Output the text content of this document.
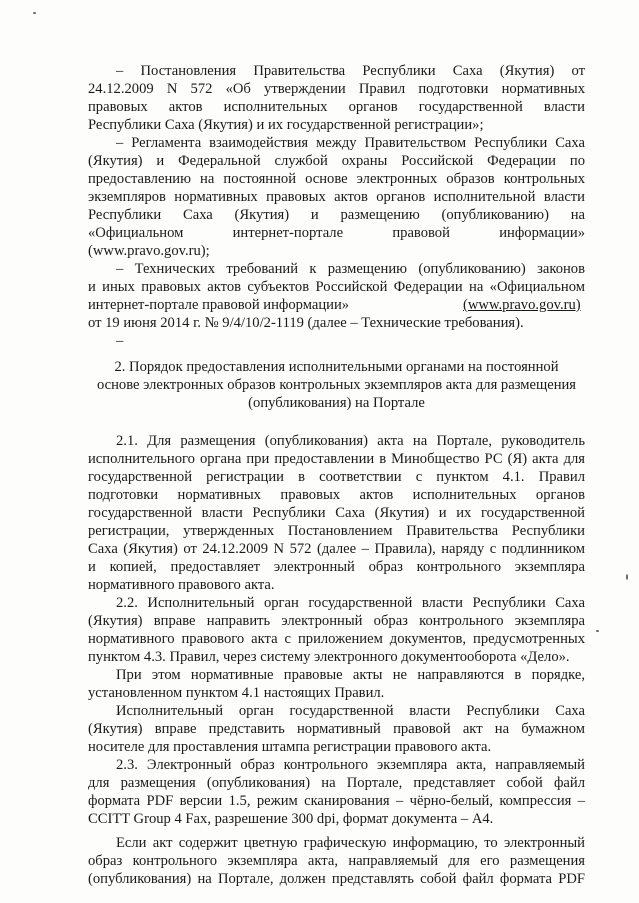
– Постановления Правительства Республики Саха (Якутия) от
24.12.2009 N 572 «Об утверждении Правил подготовки нормативных
правовых актов исполнительных органов государственной власти
Республики Саха (Якутия) и их государственной регистрации»;
– Регламента взаимодействия между Правительством Республики Саха
(Якутия) и Федеральной службой охраны Российской Федерации по
предоставлению на постоянной основе электронных образов контрольных
экземпляров нормативных правовых актов органов исполнительной власти
Республики Саха (Якутия) и размещению (опубликованию) на
«Официальном интернет-портале правовой информации»
(www.pravo.gov.ru);
– Технических требований к размещению (опубликованию) законов
и иных правовых актов субъектов Российской Федерации на «Официальном
интернет-портале правовой информации»	(www.pravo.gov.ru)
от 19 июня 2014 г. № 9/4/10/2-1119 (далее – Технические требования).
–
2. Порядок предоставления исполнительными органами на постоянной
основе электронных образов контрольных экземпляров акта для размещения
(опубликования) на Портале
2.1. Для размещения (опубликования) акта на Портале, руководитель
исполнительного органа при предоставлении в Минобщество РС (Я) акта для
государственной регистрации в соответствии с пунктом 4.1. Правил
подготовки нормативных правовых актов исполнительных органов
государственной власти Республики Саха (Якутия) и их государственной
регистрации, утвержденных Постановлением Правительства Республики
Саха (Якутия) от 24.12.2009 N 572 (далее – Правила), наряду с подлинником
и копией, предоставляет электронный образ контрольного экземпляра
нормативного правового акта.
2.2. Исполнительный орган государственной власти Республики Саха
(Якутия) вправе направить электронный образ контрольного экземпляра
нормативного правового акта с приложением документов, предусмотренных
пунктом 4.3. Правил, через систему электронного документооборота «Дело».
При этом нормативные правовые акты не направляются в порядке,
установленном пунктом 4.1 настоящих Правил.
Исполнительный орган государственной власти Республики Саха
(Якутия) вправе представить нормативный правовой акт на бумажном
носителе для проставления штампа регистрации правового акта.
2.3. Электронный образ контрольного экземпляра акта, направляемый
для размещения (опубликования) на Портале, представляет собой файл
формата PDF версии 1.5, режим сканирования – чёрно-белый, компрессия –
CCITT Group 4 Fax, разрешение 300 dpi, формат документа – А4.
Если акт содержит цветную графическую информацию, то электронный
образ контрольного экземпляра акта, направляемый для его размещения
(опубликования) на Портале, должен представлять собой файл формата PDF
